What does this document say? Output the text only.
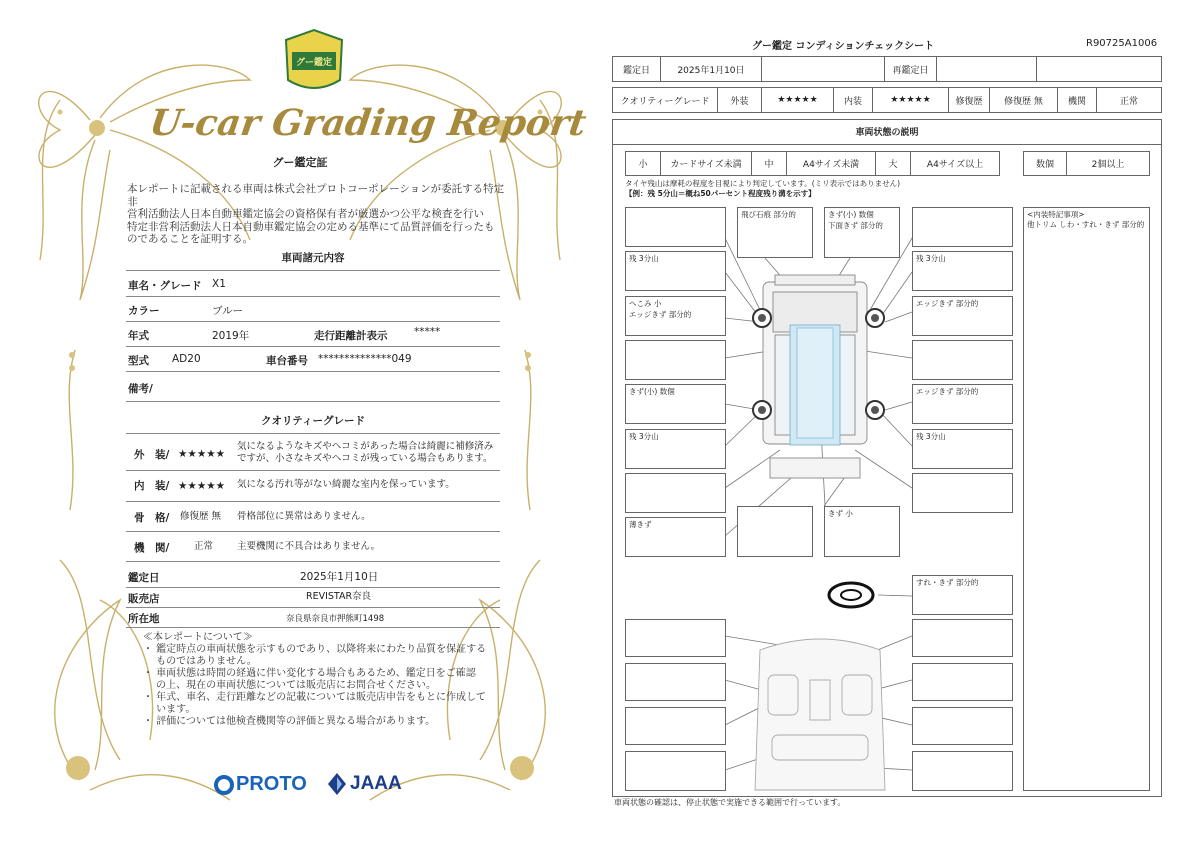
グー鑑定
U-car Grading Report
グー鑑定証
本レポートに記載される車両は株式会社プロトコーポレーションが委託する特定非
営利活動法人日本自動車鑑定協会の資格保有者が厳選かつ公平な検査を行い
特定非営利活動法人日本自動車鑑定協会の定める基準にて品質評価を行ったも
のであることを証明する。
車両諸元内容
車名・グレード X1
カラー	ブルー
年式	2019年	走行距離計表示	*****
型式 AD20	車台番号 **************049
備考/
クオリティーグレード
外　装/ ★★★★★
気になるようなキズやヘコミがあった場合は綺麗に補修済み
ですが、小さなキズやヘコミが残っている場合もあります。
内　装/ ★★★★★ 気になる汚れ等がない綺麗な室内を保っています。
骨　格/ 修復歴 無 骨格部位に異常はありません。
機　関/	正常	主要機関に不具合はありません。
鑑定日	2025年1月10日
販売店	REVISTAR奈良
所在地	奈良県奈良市押熊町1498
≪本レポートについて≫
・ 鑑定時点の車両状態を示すものであり、以降将来にわたり品質を保証する
　 ものではありません。
・ 車両状態は時間の経過に伴い変化する場合もあるため、鑑定日をご確認
　 の上、現在の車両状態については販売店にお問合せください。
・ 年式、車名、走行距離などの記載については販売店申告をもとに作成して
　 います。
・ 評価については他検査機関等の評価と異なる場合があります。
PROTO JAAA
グー鑑定 コンディションチェックシート	R90725A1006
鑑定日	2025年1月10日	再鑑定日
クオリティーグレード	外装	★★★★★	内装	★★★★★	修復歴	修復歴 無	機関	正常
車両状態の説明
小	カードサイズ未満	中	A4サイズ未満	大	A4サイズ以上	数個	2個以上
タイヤ残山は摩耗の程度を目視により判定しています。(ミリ表示ではありません)
【例：残 5分山＝概ね50パーセント程度残り溝を示す】
<内装特記事項>
他トリム しわ・すれ・きず 部分的
飛び石痕 部分的	きず(小) 数個
下面きず 部分的
残 3分山	残 3分山
へこみ 小
エッジきず 部分的
エッジきず 部分的
きず(小) 数個	エッジきず 部分的
残 3分山	残 3分山
薄きず
きず 小
すれ・きず 部分的
車両状態の確認は、停止状態で実施できる範囲で行っています。
